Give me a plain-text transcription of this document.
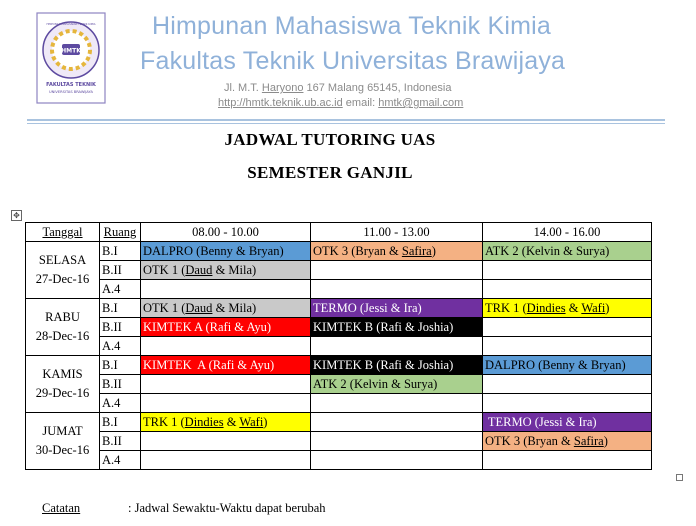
HMTK
HIMPUNAN MAHASISWA TEKNIK KIMIA
FAKULTAS TEKNIK
UNIVERSITAS BRAWIJAYA
Himpunan Mahasiswa Teknik Kimia
Fakultas Teknik Universitas Brawijaya
Jl. M.T. Haryono 167 Malang 65145, Indonesia
http://hmtk.teknik.ub.ac.id email: hmtk@gmail.com
JADWAL TUTORING UAS
SEMESTER GANJIL
✥
Tanggal	Ruang	08.00 - 10.00	11.00 - 13.00	14.00 - 16.00

SELASA
27-Dec-16	B.I	DALPRO (Benny & Bryan)	OTK 3 (Bryan & Safira)	ATK 2 (Kelvin & Surya)
	B.II	OTK 1 (Daud & Mila)		
	A.4			

RABU
28-Dec-16	B.I	OTK 1 (Daud & Mila)	TERMO (Jessi & Ira)	TRK 1 (Dindies & Wafi)
	B.II	KIMTEK A (Rafi & Ayu)	KIMTEK B (Rafi & Joshia)	
	A.4			

KAMIS
29-Dec-16	B.I	KIMTEK  A (Rafi & Ayu)	KIMTEK B (Rafi & Joshia)	DALPRO (Benny & Bryan)
	B.II		ATK 2 (Kelvin & Surya)	
	A.4			

JUMAT
30-Dec-16	B.I	TRK 1 (Dindies & Wafi)		TERMO (Jessi & Ira)
	B.II			OTK 3 (Bryan & Safira)
	A.4			
Catatan	: Jadwal Sewaktu-Waktu dapat berubah
